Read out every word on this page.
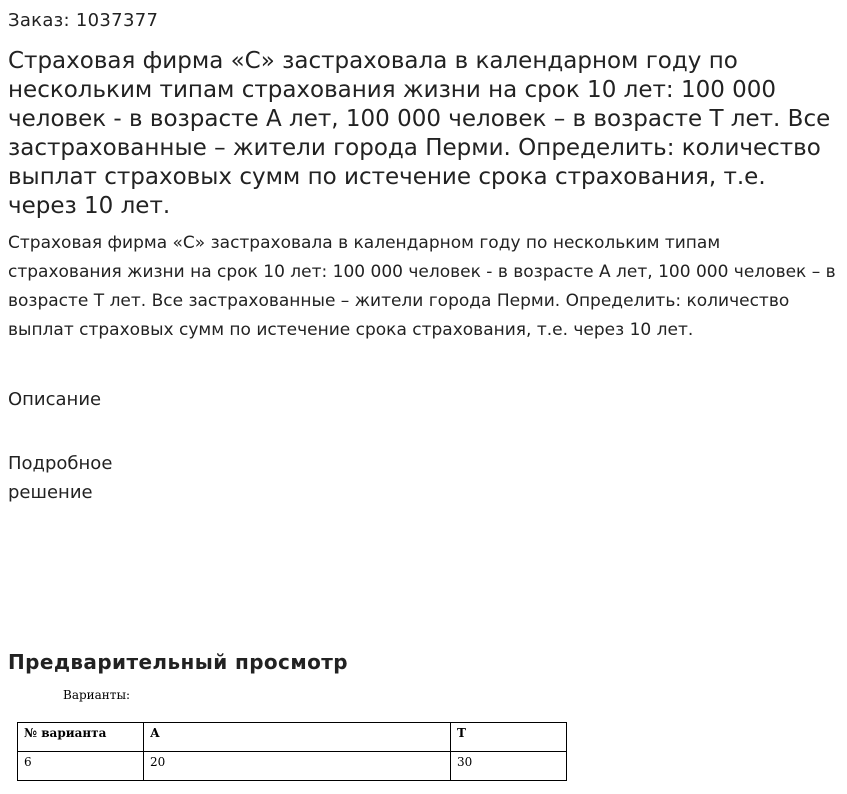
Заказ: 1037377
Страховая фирма «С» застраховала в календарном году по нескольким типам страхования жизни на срок 10 лет: 100 000 человек - в возрасте А лет, 100 000 человек – в возрасте Т лет. Все застрахованные – жители города Перми. Определить: количество выплат страховых сумм по истечение срока страхования, т.е. через 10 лет.

Страховая фирма «С» застраховала в календарном году по нескольким типам страхования жизни на срок 10 лет: 100 000 человек - в возрасте А лет, 100 000 человек – в возрасте Т лет. Все застрахованные – жители города Перми. Определить: количество выплат страховых сумм по истечение срока страхования, т.е. через 10 лет.

Описание
Подробное решение
Предварительный просмотр
Варианты:
№ варианта	А	Т
6	20	30
